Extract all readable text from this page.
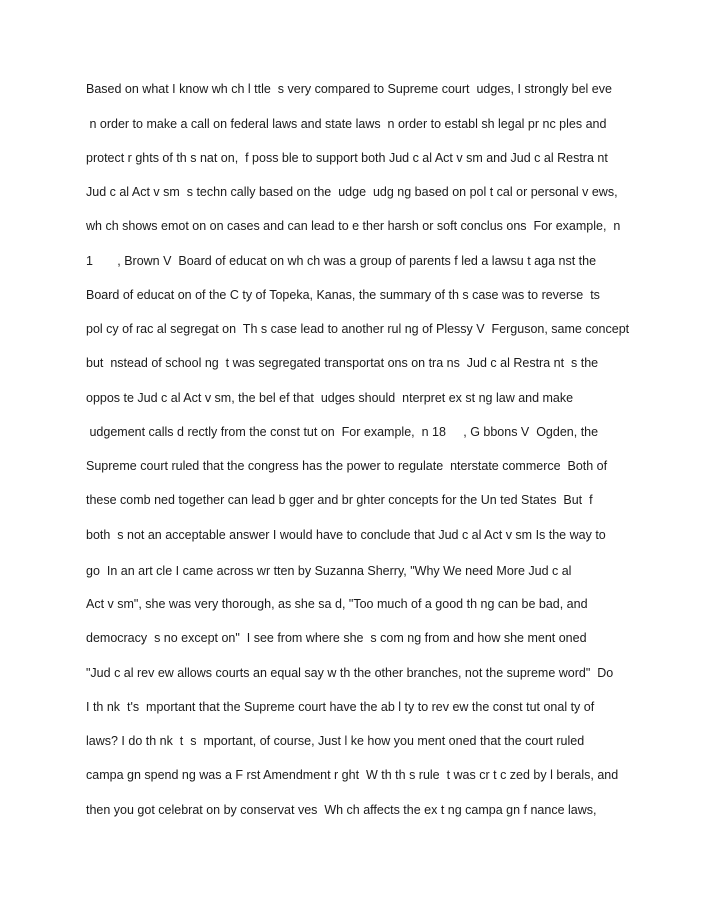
Based on what I know wh ch l ttle  s very compared to Supreme court  udges, I strongly bel eve

n order to make a call on federal laws and state laws  n order to establ sh legal pr nc ples and

protect r ghts of th s nat on,  f poss ble to support both Jud c al Act v sm and Jud c al Restra nt

Jud c al Act v sm  s techn cally based on the  udge  udg ng based on pol t cal or personal v ews,

wh ch shows emot on on cases and can lead to e ther harsh or soft conclus ons  For example,  n

1       , Brown V  Board of educat on wh ch was a group of parents f led a lawsu t aga nst the

Board of educat on of the C ty of Topeka, Kanas, the summary of th s case was to reverse  ts

pol cy of rac al segregat on  Th s case lead to another rul ng of Plessy V  Ferguson, same concept

but  nstead of school ng  t was segregated transportat ons on tra ns  Jud c al Restra nt  s the

oppos te Jud c al Act v sm, the bel ef that  udges should  nterpret ex st ng law and make

udgement calls d rectly from the const tut on  For example,  n 18     , G bbons V  Ogden, the

Supreme court ruled that the congress has the power to regulate  nterstate commerce  Both of

these comb ned together can lead b gger and br ghter concepts for the Un ted States  But  f

both  s not an acceptable answer I would have to conclude that Jud c al Act v sm Is the way to

go  In an art cle I came across wr tten by Suzanna Sherry, "Why We need More Jud c al

Act v sm", she was very thorough, as she sa d, "Too much of a good th ng can be bad, and

democracy  s no except on"  I see from where she  s com ng from and how she ment oned

"Jud c al rev ew allows courts an equal say w th the other branches, not the supreme word"  Do

I th nk  t's  mportant that the Supreme court have the ab l ty to rev ew the const tut onal ty of

laws? I do th nk  t  s  mportant, of course, Just l ke how you ment oned that the court ruled

campa gn spend ng was a F rst Amendment r ght  W th th s rule  t was cr t c zed by l berals, and

then you got celebrat on by conservat ves  Wh ch affects the ex t ng campa gn f nance laws,
